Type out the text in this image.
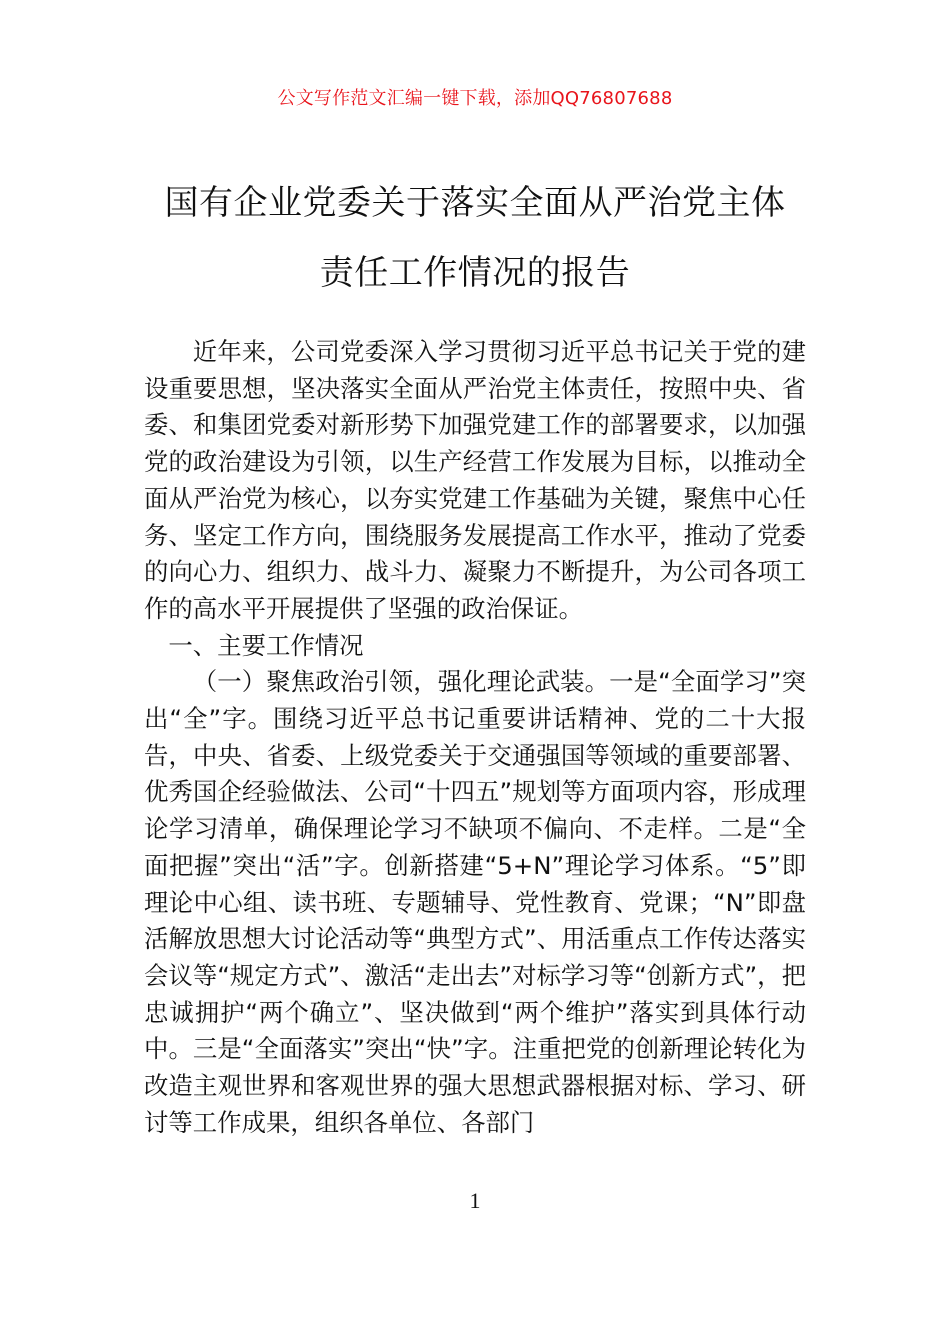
公文写作范文汇编一键下载，添加QQ76807688
国有企业党委关于落实全面从严治党主体
责任工作情况的报告

近年来，公司党委深入学习贯彻习近平总书记关于党的建设重要思想，坚决落实全面从严治党主体责任，按照中央、省委、和集团党委对新形势下加强党建工作的部署要求，以加强党的政治建设为引领，以生产经营工作发展为目标，以推动全面从严治党为核心，以夯实党建工作基础为关键，聚焦中心任务、坚定工作方向，围绕服务发展提高工作水平，推动了党委的向心力、组织力、战斗力、凝聚力不断提升，为公司各项工作的高水平开展提供了坚强的政治保证。

一、主要工作情况

（一）聚焦政治引领，强化理论武装。一是“全面学习”突出“全”字。围绕习近平总书记重要讲话精神、党的二十大报告，中央、省委、上级党委关于交通强国等领域的重要部署、优秀国企经验做法、公司“十四五”规划等方面项内容，形成理论学习清单，确保理论学习不缺项不偏向、不走样。二是“全面把握”突出“活”字。创新搭建“5+N”理论学习体系。“5”即理论中心组、读书班、专题辅导、党性教育、党课；“N”即盘活解放思想大讨论活动等“典型方式”、用活重点工作传达落实会议等“规定方式”、激活“走出去”对标学习等“创新方式”，把忠诚拥护“两个确立”、坚决做到“两个维护”落实到具体行动中。三是“全面落实”突出“快”字。注重把党的创新理论转化为改造主观世界和客观世界的强大思想武器根据对标、学习、研讨等工作成果，组织各单位、各部门

1
